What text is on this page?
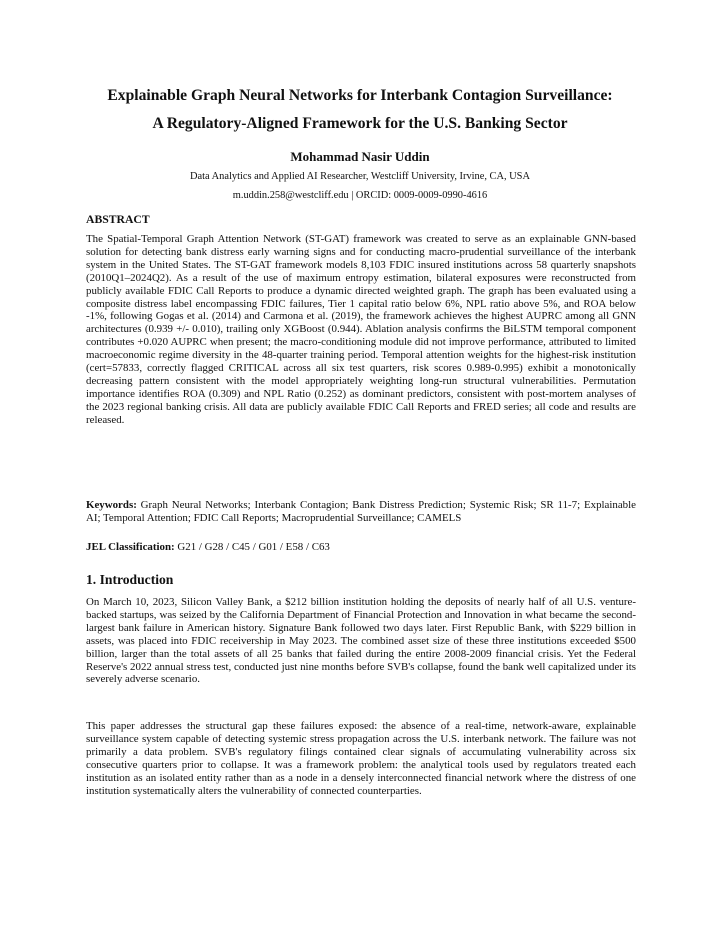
Explainable Graph Neural Networks for Interbank Contagion Surveillance:
A Regulatory-Aligned Framework for the U.S. Banking Sector
Mohammad Nasir Uddin
Data Analytics and Applied AI Researcher, Westcliff University, Irvine, CA, USA
m.uddin.258@westcliff.edu | ORCID: 0009-0009-0990-4616
ABSTRACT

The Spatial-Temporal Graph Attention Network (ST-GAT) framework was created to serve as an explainable GNN-based solution for detecting bank distress early warning signs and for conducting macro-prudential surveillance of the interbank system in the United States. The ST-GAT framework models 8,103 FDIC insured institutions across 58 quarterly snapshots (2010Q1–2024Q2). As a result of the use of maximum entropy estimation, bilateral exposures were reconstructed from publicly available FDIC Call Reports to produce a dynamic directed weighted graph. The graph has been evaluated using a composite distress label encompassing FDIC failures, Tier 1 capital ratio below 6%, NPL ratio above 5%, and ROA below -1%, following Gogas et al. (2014) and Carmona et al. (2019), the framework achieves the highest AUPRC among all GNN architectures (0.939 +/- 0.010), trailing only XGBoost (0.944). Ablation analysis confirms the BiLSTM temporal component contributes +0.020 AUPRC when present; the macro-conditioning module did not improve performance, attributed to limited macroeconomic regime diversity in the 48-quarter training period. Temporal attention weights for the highest-risk institution (cert=57833, correctly flagged CRITICAL across all six test quarters, risk scores 0.989-0.995) exhibit a monotonically decreasing pattern consistent with the model appropriately weighting long-run structural vulnerabilities. Permutation importance identifies ROA (0.309) and NPL Ratio (0.252) as dominant predictors, consistent with post-mortem analyses of the 2023 regional banking crisis. All data are publicly available FDIC Call Reports and FRED series; all code and results are released.

Keywords: Graph Neural Networks; Interbank Contagion; Bank Distress Prediction; Systemic Risk; SR 11-7; Explainable AI; Temporal Attention; FDIC Call Reports; Macroprudential Surveillance; CAMELS

JEL Classification: G21 / G28 / C45 / G01 / E58 / C63

1. Introduction

On March 10, 2023, Silicon Valley Bank, a $212 billion institution holding the deposits of nearly half of all U.S. venture-backed startups, was seized by the California Department of Financial Protection and Innovation in what became the second-largest bank failure in American history. Signature Bank followed two days later. First Republic Bank, with $229 billion in assets, was placed into FDIC receivership in May 2023. The combined asset size of these three institutions exceeded $500 billion, larger than the total assets of all 25 banks that failed during the entire 2008-2009 financial crisis. Yet the Federal Reserve's 2022 annual stress test, conducted just nine months before SVB's collapse, found the bank well capitalized under its severely adverse scenario.

This paper addresses the structural gap these failures exposed: the absence of a real-time, network-aware, explainable surveillance system capable of detecting systemic stress propagation across the U.S. interbank network. The failure was not primarily a data problem. SVB's regulatory filings contained clear signals of accumulating vulnerability across six consecutive quarters prior to collapse. It was a framework problem: the analytical tools used by regulators treated each institution as an isolated entity rather than as a node in a densely interconnected financial network where the distress of one institution systematically alters the vulnerability of connected counterparties.
